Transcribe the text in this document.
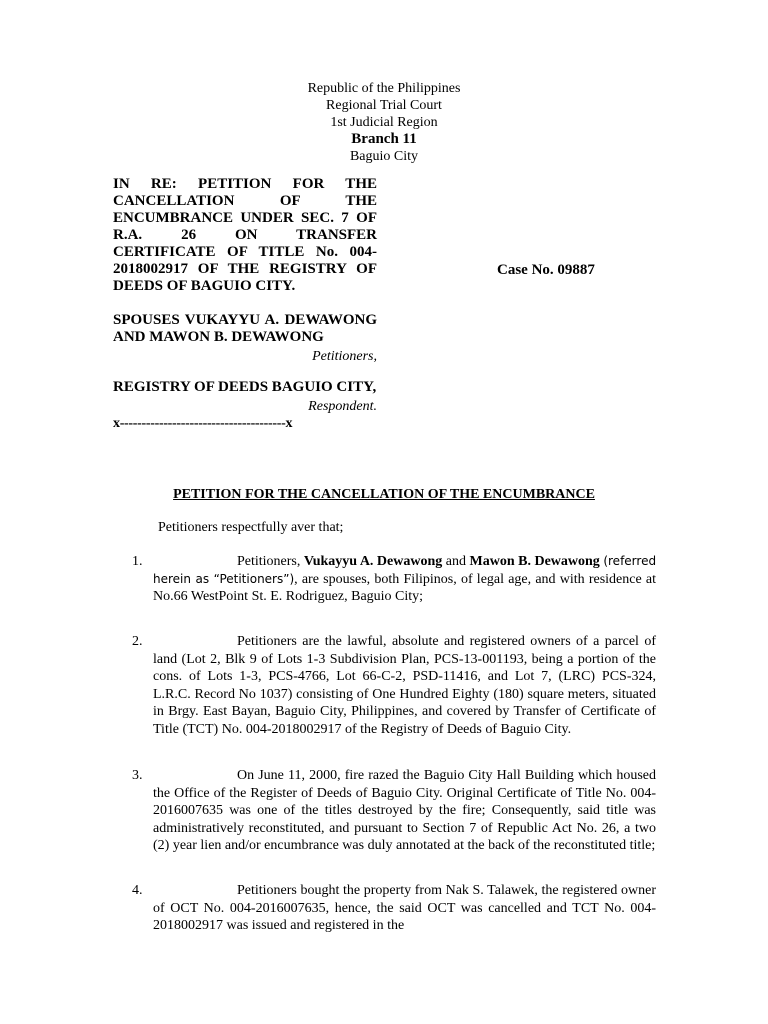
Republic of the Philippines
Regional Trial Court
1st Judicial Region
Branch 11
Baguio City
IN RE: PETITION FOR THE CANCELLATION OF THE ENCUMBRANCE UNDER SEC. 7 OF R.A. 26 ON TRANSFER CERTIFICATE OF TITLE No. 004-2018002917 OF THE REGISTRY OF DEEDS OF BAGUIO CITY.
SPOUSES VUKAYYU A. DEWAWONG AND MAWON B. DEWAWONG
Petitioners,
REGISTRY OF DEEDS BAGUIO CITY,
Respondent.
x--------------------------------------x
Case No. 09887
PETITION FOR THE CANCELLATION OF THE ENCUMBRANCE
Petitioners respectfully aver that;
1.	Petitioners, Vukayyu A. Dewawong and Mawon B. Dewawong (referred herein as “Petitioners”), are spouses, both Filipinos, of legal age, and with residence at No.66 WestPoint St. E. Rodriguez, Baguio City;
2.	Petitioners are the lawful, absolute and registered owners of a parcel of land (Lot 2, Blk 9 of Lots 1-3 Subdivision Plan, PCS-13-001193, being a portion of the cons. of Lots 1-3, PCS-4766, Lot 66-C-2, PSD-11416, and Lot 7, (LRC) PCS-324, L.R.C. Record No 1037) consisting of One Hundred Eighty (180) square meters, situated in Brgy. East Bayan, Baguio City, Philippines, and covered by Transfer of Certificate of Title (TCT) No. 004-2018002917 of the Registry of Deeds of Baguio City.
3.	On June 11, 2000, fire razed the Baguio City Hall Building which housed the Office of the Register of Deeds of Baguio City. Original Certificate of Title No. 004-2016007635 was one of the titles destroyed by the fire; Consequently, said title was administratively reconstituted, and pursuant to Section 7 of Republic Act No. 26, a two (2) year lien and/or encumbrance was duly annotated at the back of the reconstituted title;
4.	Petitioners bought the property from Nak S. Talawek, the registered owner of OCT No. 004-2016007635, hence, the said OCT was cancelled and TCT No. 004-2018002917 was issued and registered in the
